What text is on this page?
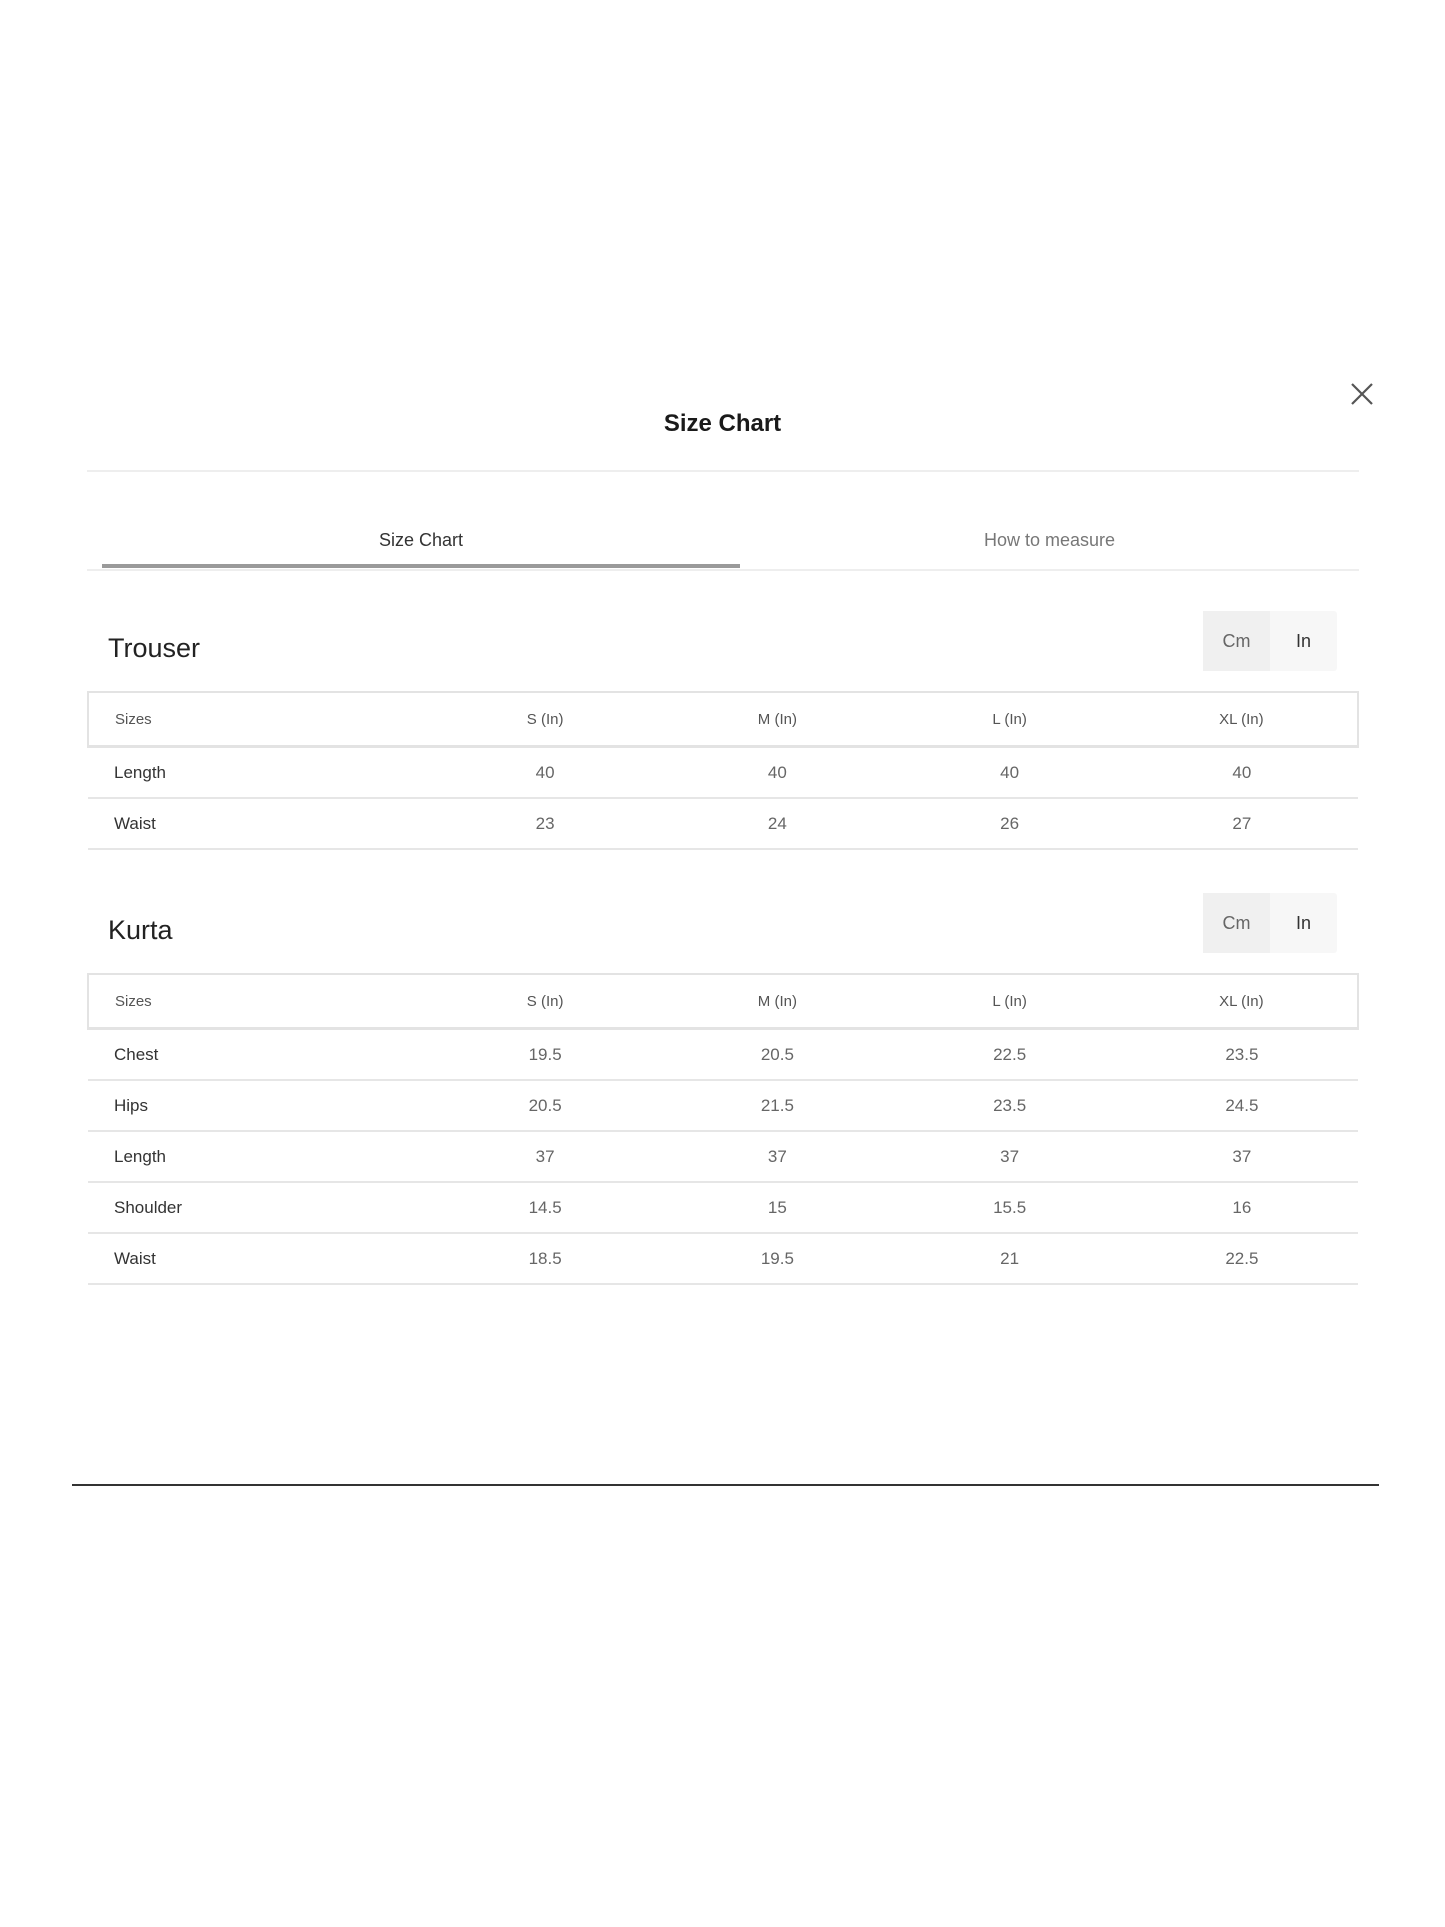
Size Chart
Size Chart	How to measure
Trouser	Cm	In
Sizes	S (In)	M (In)	L (In)	XL (In)
Length	40	40	40	40
Waist	23	24	26	27
Kurta	Cm	In
Sizes	S (In)	M (In)	L (In)	XL (In)
Chest	19.5	20.5	22.5	23.5
Hips	20.5	21.5	23.5	24.5
Length	37	37	37	37
Shoulder	14.5	15	15.5	16
Waist	18.5	19.5	21	22.5
